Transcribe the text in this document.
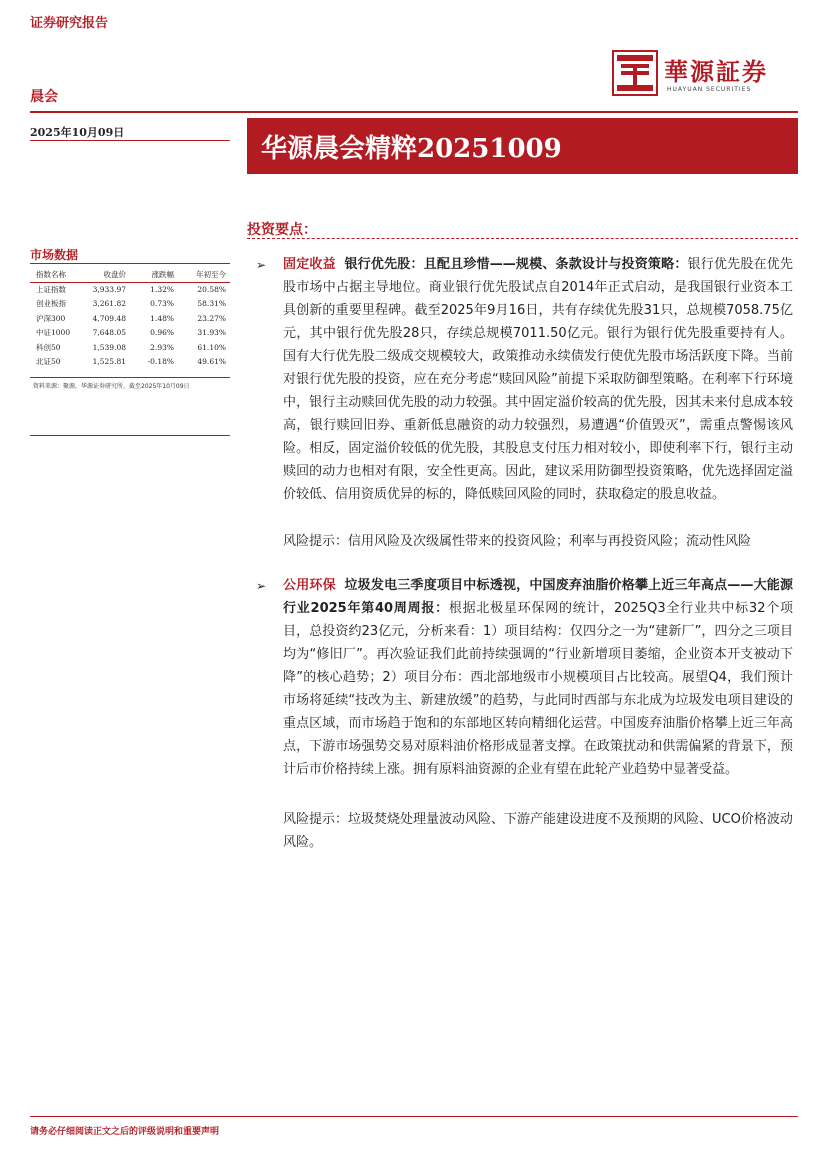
证券研究报告
華源証券
HUAYUAN SECURITIES
晨会
2025年10月09日
华源晨会精粹20251009
投资要点：
市场数据
指数名称	收盘价	涨跌幅	年初至今
上证指数	3,933.97	1.32%	20.58%
创业板指	3,261.82	0.73%	58.31%
沪深300	4,709.48	1.48%	23.27%
中证1000	7,648.05	0.96%	31.93%
科创50	1,539.08	2.93%	61.10%
北证50	1,525.81	-0.18%	49.61%
资料来源：聚源，华源证券研究所，截至2025年10月09日
➢ 固定收益 银行优先股：且配且珍惜——规模、条款设计与投资策略：银行优先股在优先股市场中占据主导地位。商业银行优先股试点自2014年正式启动，是我国银行业资本工具创新的重要里程碑。截至2025年9月16日，共有存续优先股31只，总规模7058.75亿元，其中银行优先股28只，存续总规模7011.50亿元。银行为银行优先股重要持有人。国有大行优先股二级成交规模较大，政策推动永续债发行使优先股市场活跃度下降。当前对银行优先股的投资，应在充分考虑“赎回风险”前提下采取防御型策略。在利率下行环境中，银行主动赎回优先股的动力较强。其中固定溢价较高的优先股，因其未来付息成本较高，银行赎回旧券、重新低息融资的动力较强烈，易遭遇“价值毁灭”，需重点警惕该风险。相反，固定溢价较低的优先股，其股息支付压力相对较小，即使利率下行，银行主动赎回的动力也相对有限，安全性更高。因此，建议采用防御型投资策略，优先选择固定溢价较低、信用资质优异的标的，降低赎回风险的同时，获取稳定的股息收益。
风险提示：信用风险及次级属性带来的投资风险；利率与再投资风险；流动性风险
➢ 公用环保 垃圾发电三季度项目中标透视，中国废弃油脂价格攀上近三年高点——大能源行业2025年第40周周报：根据北极星环保网的统计，2025Q3全行业共中标32个项目，总投资约23亿元，分析来看：1）项目结构：仅四分之一为“建新厂”，四分之三项目均为“修旧厂”。再次验证我们此前持续强调的“行业新增项目萎缩，企业资本开支被动下降”的核心趋势；2）项目分布：西北部地级市小规模项目占比较高。展望Q4，我们预计市场将延续“技改为主、新建放缓”的趋势，与此同时西部与东北成为垃圾发电项目建设的重点区域，而市场趋于饱和的东部地区转向精细化运营。中国废弃油脂价格攀上近三年高点，下游市场强势交易对原料油价格形成显著支撑。在政策扰动和供需偏紧的背景下，预计后市价格持续上涨。拥有原料油资源的企业有望在此轮产业趋势中显著受益。
风险提示：垃圾焚烧处理量波动风险、下游产能建设进度不及预期的风险、UCO价格波动风险。
请务必仔细阅读正文之后的评级说明和重要声明
